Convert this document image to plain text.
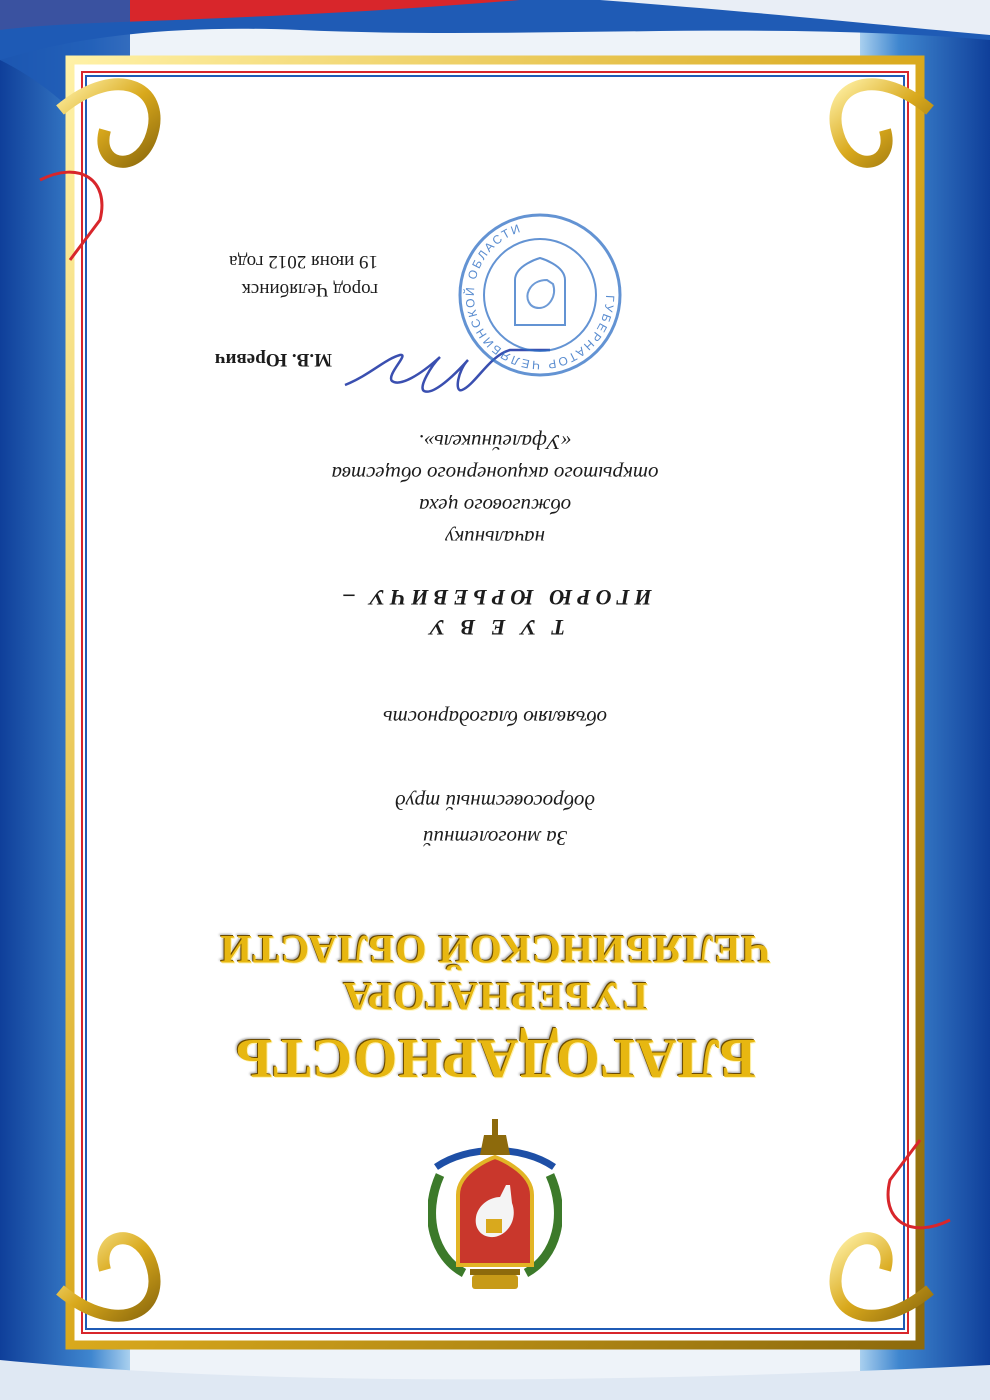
БЛАГОДАРНОСТЬ
ГУБЕРНАТОРА
ЧЕЛЯБИНСКОЙ ОБЛАСТИ
За многолетний
добросовестный труд
объявляю благодарность
Т У Е В У
ИГОРЮ ЮРЬЕВИЧУ –
начальнику
обжигового цеха
открытого акционерного общества
«Уфалейникель».
М.В. Юревич
ГУБЕРНАТОР ЧЕЛЯБИНСКОЙ ОБЛАСТИ
город Челябинск
19 июня 2012 года
